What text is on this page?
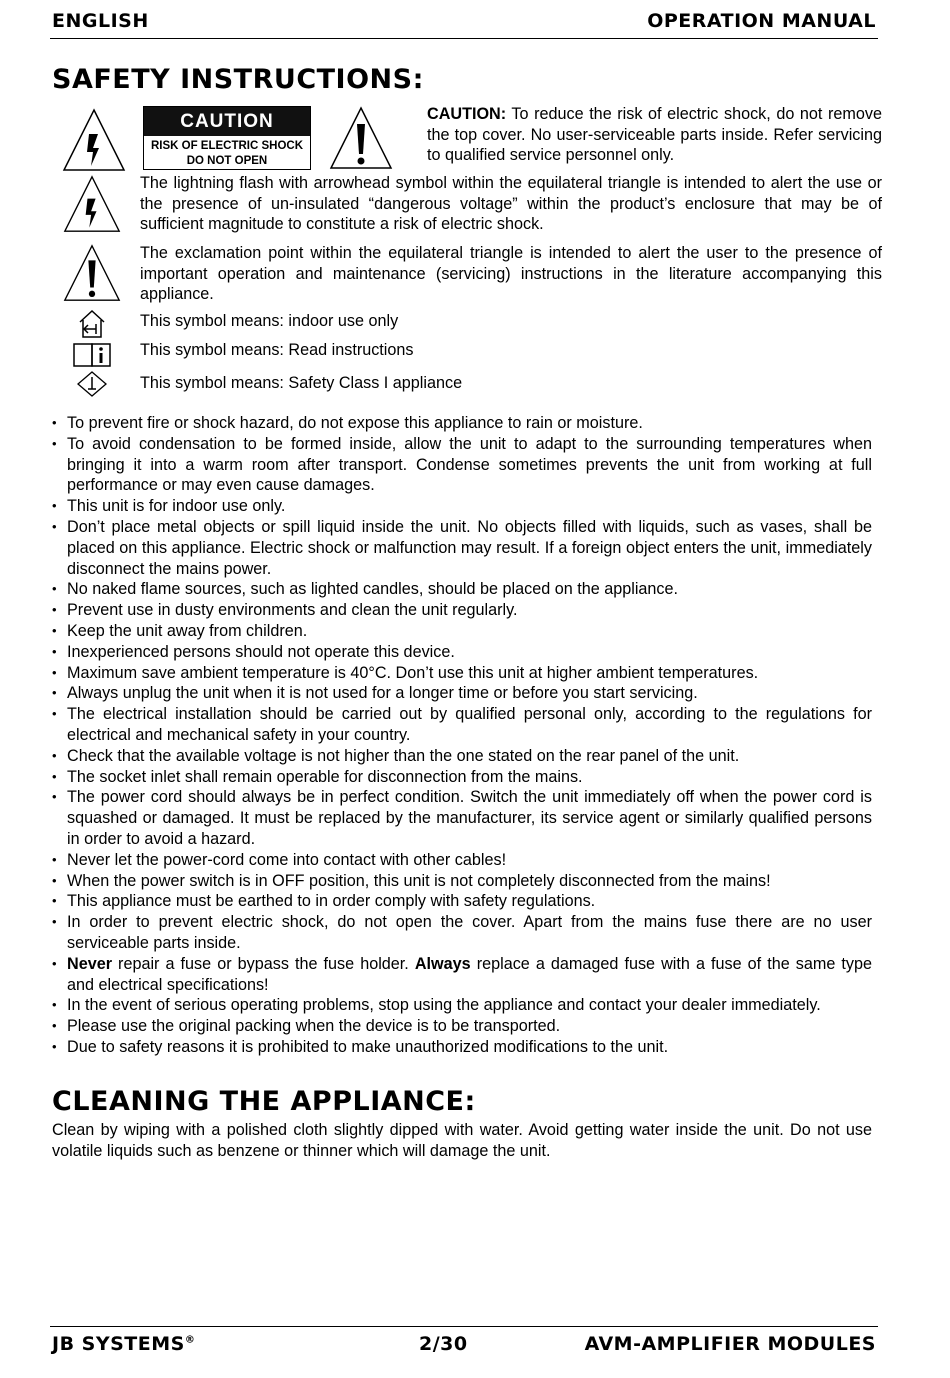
ENGLISH	OPERATION MANUAL
SAFETY INSTRUCTIONS:
CAUTION
RISK OF ELECTRIC SHOCK
DO NOT OPEN
CAUTION: To reduce the risk of electric shock, do not remove the top cover. No user-serviceable parts inside. Refer servicing to qualified service personnel only.
The lightning flash with arrowhead symbol within the equilateral triangle is intended to alert the use or the presence of un-insulated “dangerous voltage” within the product’s enclosure that may be of sufficient magnitude to constitute a risk of electric shock.
The exclamation point within the equilateral triangle is intended to alert the user to the presence of important operation and maintenance (servicing) instructions in the literature accompanying this appliance.
This symbol means: indoor use only
This symbol means: Read instructions
This symbol means: Safety Class I appliance
• To prevent fire or shock hazard, do not expose this appliance to rain or moisture.
• To avoid condensation to be formed inside, allow the unit to adapt to the surrounding temperatures when bringing it into a warm room after transport. Condense sometimes prevents the unit from working at full performance or may even cause damages.
• This unit is for indoor use only.
• Don’t place metal objects or spill liquid inside the unit. No objects filled with liquids, such as vases, shall be placed on this appliance. Electric shock or malfunction may result. If a foreign object enters the unit, immediately disconnect the mains power.
• No naked flame sources, such as lighted candles, should be placed on the appliance.
• Prevent use in dusty environments and clean the unit regularly.
• Keep the unit away from children.
• Inexperienced persons should not operate this device.
• Maximum save ambient temperature is 40°C. Don’t use this unit at higher ambient temperatures.
• Always unplug the unit when it is not used for a longer time or before you start servicing.
• The electrical installation should be carried out by qualified personal only, according to the regulations for electrical and mechanical safety in your country.
• Check that the available voltage is not higher than the one stated on the rear panel of the unit.
• The socket inlet shall remain operable for disconnection from the mains.
• The power cord should always be in perfect condition. Switch the unit immediately off when the power cord is squashed or damaged. It must be replaced by the manufacturer, its service agent or similarly qualified persons in order to avoid a hazard.
• Never let the power-cord come into contact with other cables!
• When the power switch is in OFF position, this unit is not completely disconnected from the mains!
• This appliance must be earthed to in order comply with safety regulations.
• In order to prevent electric shock, do not open the cover. Apart from the mains fuse there are no user serviceable parts inside.
• Never repair a fuse or bypass the fuse holder. Always replace a damaged fuse with a fuse of the same type and electrical specifications!
• In the event of serious operating problems, stop using the appliance and contact your dealer immediately.
• Please use the original packing when the device is to be transported.
• Due to safety reasons it is prohibited to make unauthorized modifications to the unit.
CLEANING THE APPLIANCE:
Clean by wiping with a polished cloth slightly dipped with water. Avoid getting water inside the unit. Do not use volatile liquids such as benzene or thinner which will damage the unit.
JB SYSTEMS®	2/30	AVM-AMPLIFIER MODULES
